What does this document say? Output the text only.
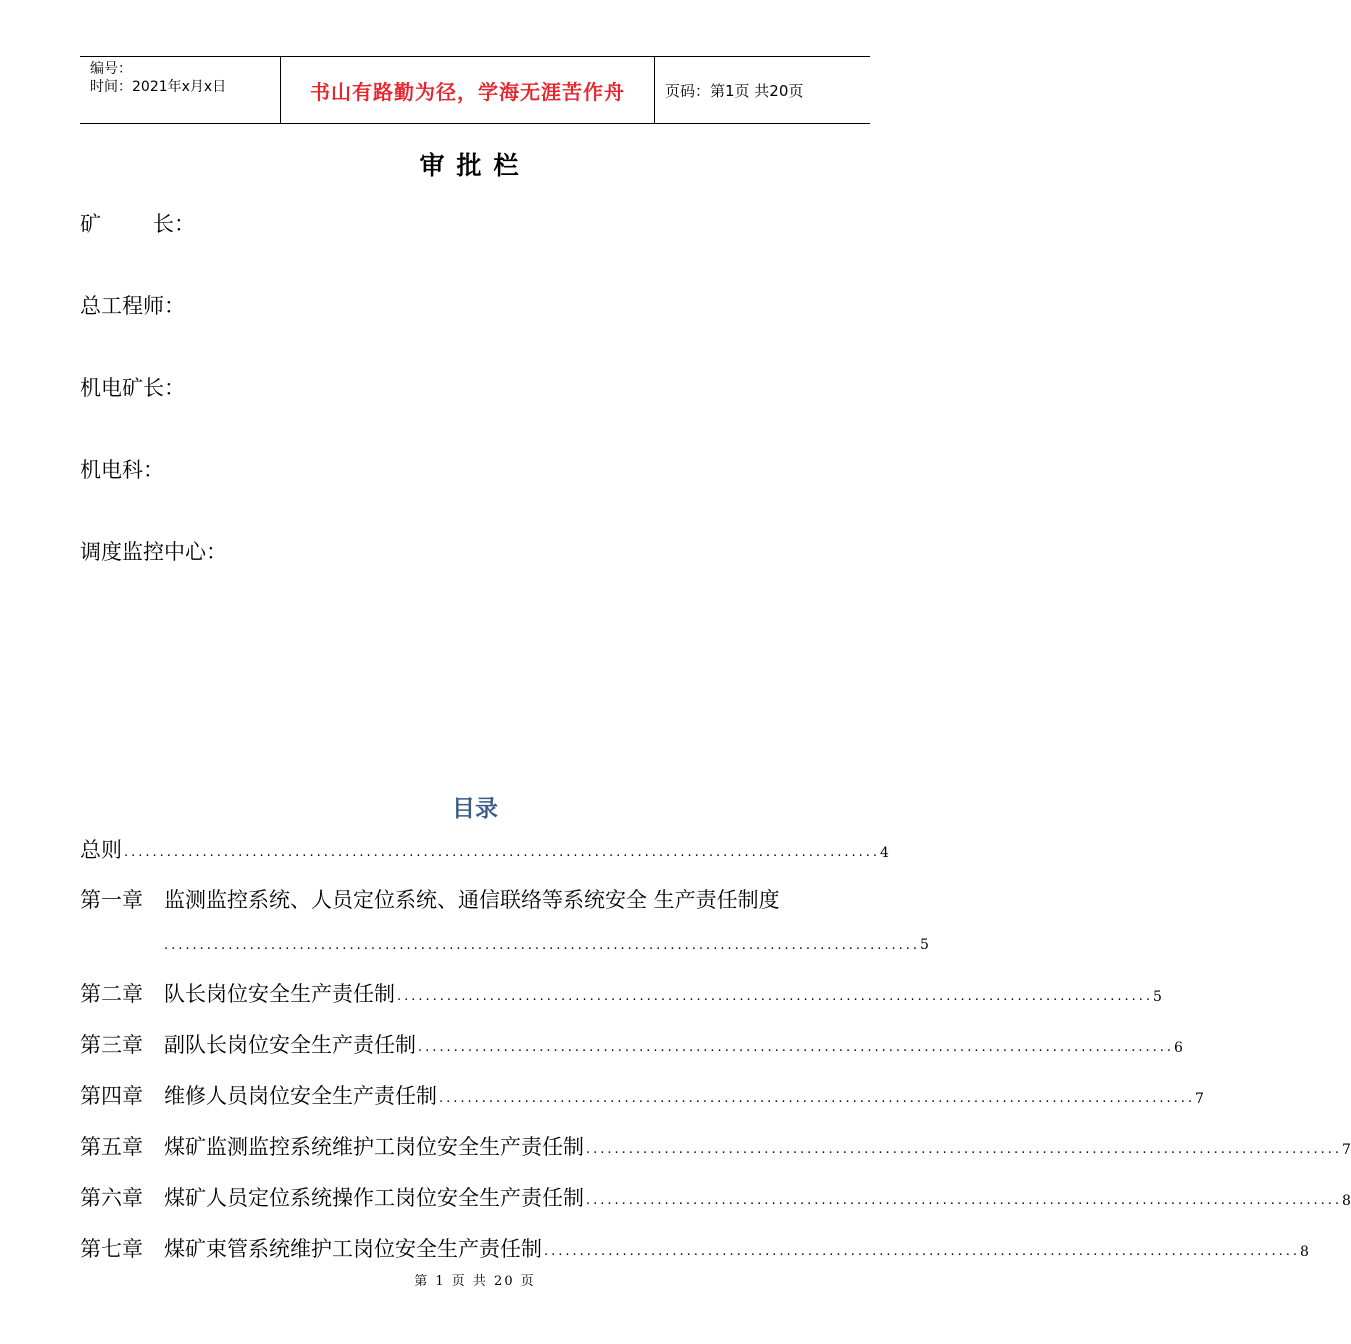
编号：
时间：2021年x月x日	书山有路勤为径，学海无涯苦作舟	页码：第1页 共20页
审批栏
矿 长：
总工程师：
机电矿长：
机电科：
调度监控中心：
目录
总则 .......................................................................................................... 4
第一章 监测监控系统、人员定位系统、通信联络等系统安全 生产责任制度
.......................................................................................................... 5
第二章	队长岗位安全生产责任制 .......................................................................................................... 5
第三章	副队长岗位安全生产责任制 .......................................................................................................... 6
第四章	维修人员岗位安全生产责任制 .......................................................................................................... 7
第五章	煤矿监测监控系统维护工岗位安全生产责任制 .......................................................................................................... 7
第六章	煤矿人员定位系统操作工岗位安全生产责任制 .......................................................................................................... 8
第七章	煤矿束管系统维护工岗位安全生产责任制 .......................................................................................................... 8
第 1 页 共 20 页
